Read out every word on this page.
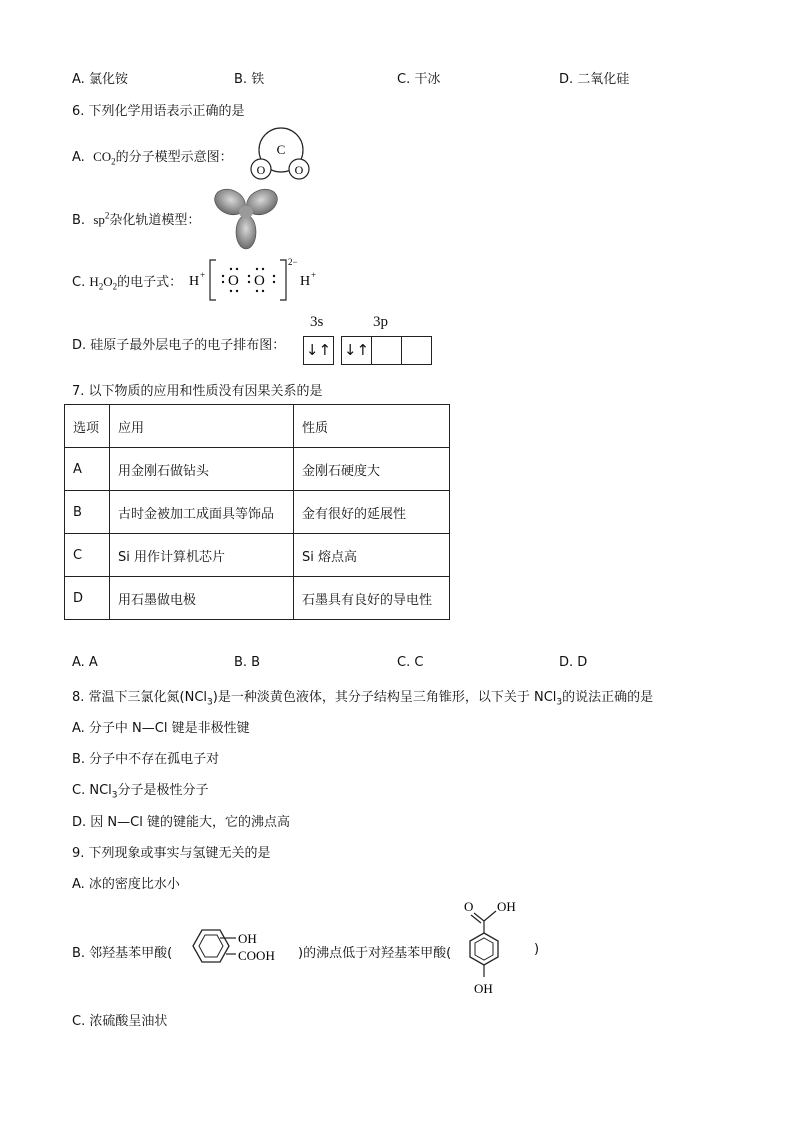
A. 氯化铵	B. 铁	C. 干冰	D. 二氧化硅
6. 下列化学用语表示正确的是
A. $CO_2$的分子模型示意图：
C
O O
B. $sp^2$杂化轨道模型：
C. $H_2O_2$的电子式： H + O O
2−
H +
D. 硅原子最外层电子的电子排布图：
3s	3p
↓↑ ↓↑
7. 以下物质的应用和性质没有因果关系的是
选项	应用	性质
A	用金刚石做钻头	金刚石硬度大
B	古时金被加工成面具等饰品	金有很好的延展性
C	Si 用作计算机芯片	Si 熔点高
D	用石墨做电极	石墨具有良好的导电性
A. A	B. B	C. C	D. D
8. 常温下三氯化氮(NCl$_3$)是一种淡黄色液体，其分子结构呈三角锥形，以下关于 NCl$_3$的说法正确的是
A. 分子中 N—Cl 键是非极性键
B. 分子中不存在孤电子对
C. NCl$_3$分子是极性分子
D. 因 N—Cl 键的键能大，它的沸点高
9. 下列现象或事实与氢键无关的是
A. 冰的密度比水小
B. 邻羟基苯甲酸(
OH
COOH )的沸点低于对羟基苯甲酸(
O OH
OH
)
C. 浓硫酸呈油状
